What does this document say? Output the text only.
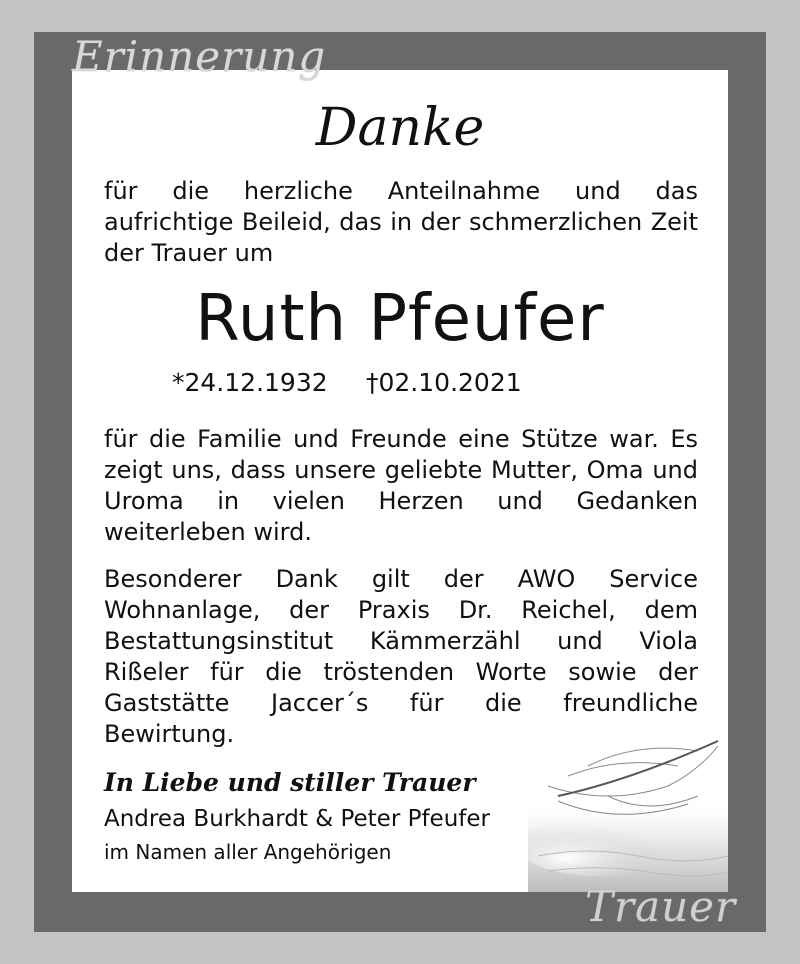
Erinnerung
Danke
für die herzliche Anteilnahme und das aufrichtige Beileid, das in der schmerzlichen Zeit der Trauer um
Ruth Pfeufer
*24.12.1932 †02.10.2021
für die Familie und Freunde eine Stütze war. Es zeigt uns, dass unsere geliebte Mutter, Oma und Uroma in vielen Herzen und Gedanken weiterleben wird.
Besonderer Dank gilt der AWO Service Wohnanlage, der Praxis Dr. Reichel, dem Bestattungsinstitut Kämmerzähl und Viola Rißeler für die tröstenden Worte sowie der Gaststätte Jaccer´s für die freundliche Bewirtung.
In Liebe und stiller Trauer
Andrea Burkhardt & Peter Pfeufer
im Namen aller Angehörigen
Trauer
